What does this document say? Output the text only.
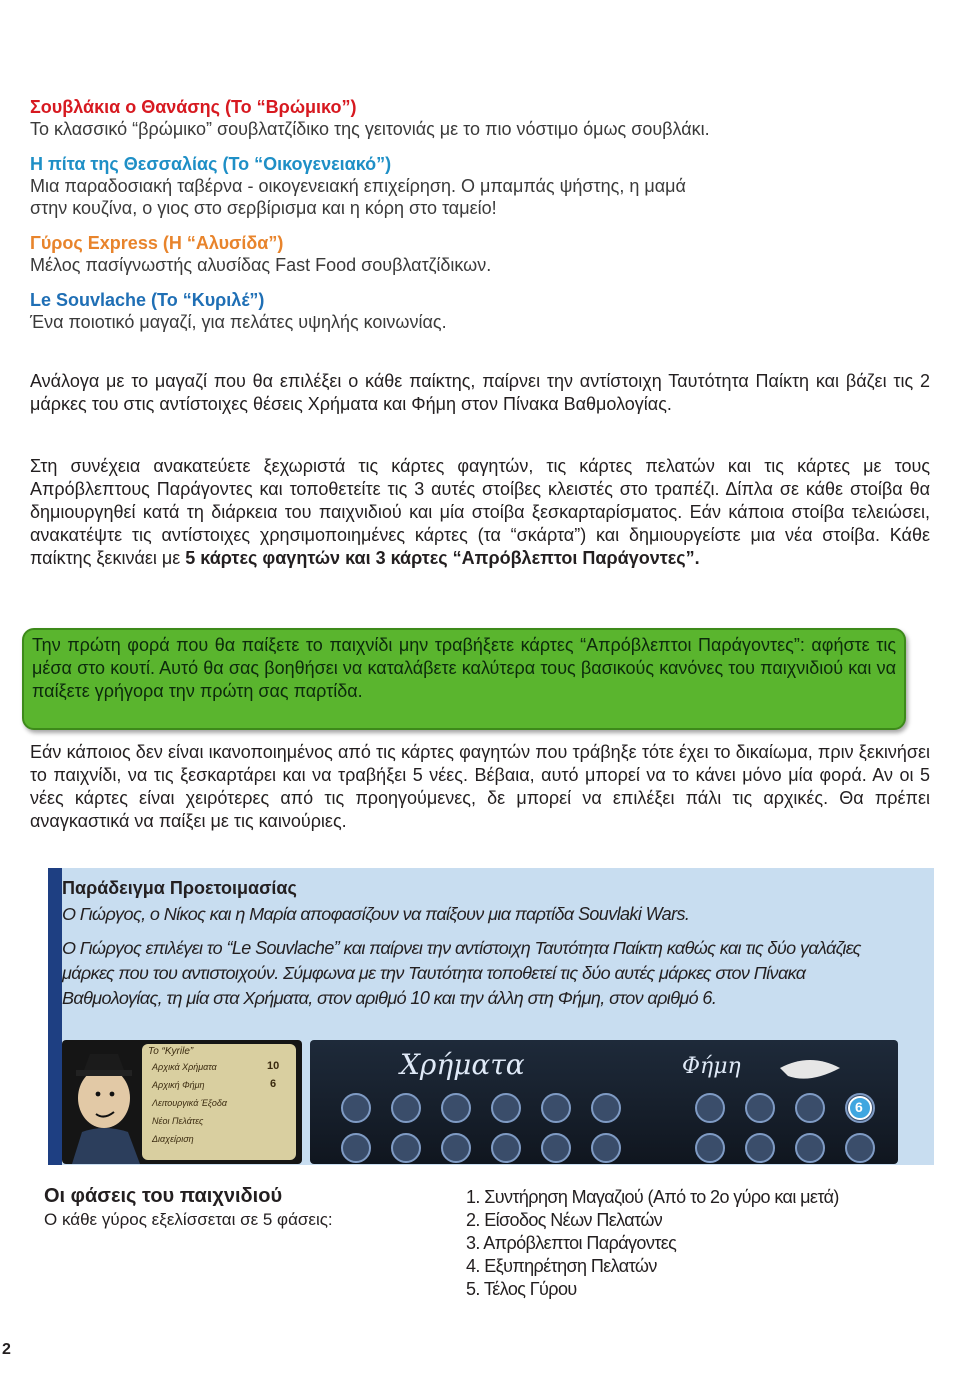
Σουβλάκια ο Θανάσης (Το “Βρώμικο”)
Το κλασσικό “βρώμικο” σουβλατζίδικο της γειτονιάς με το πιο νόστιμο όμως σουβλάκι.
Η πίτα της Θεσσαλίας (Το “Οικογενειακό”)
Μια παραδοσιακή ταβέρνα - οικογενειακή επιχείρηση. Ο μπαμπάς ψήστης, η μαμά
στην κουζίνα, ο γιος στο σερβίρισμα και η κόρη στο ταμείο!
Γύρος Express (Η “Αλυσίδα”)
Μέλος πασίγνωστής αλυσίδας Fast Food σουβλατζίδικων.
Le Souvlache (Το “Κυριλέ”)
Ένα ποιοτικό μαγαζί, για πελάτες υψηλής κοινωνίας.
Ανάλογα με το μαγαζί που θα επιλέξει ο κάθε παίκτης, παίρνει την αντίστοιχη Ταυτότητα Παίκτη και βάζει τις 2 μάρκες του στις αντίστοιχες θέσεις Χρήματα και Φήμη στον Πίνακα Βαθμολογίας.
Στη συνέχεια ανακατεύετε ξεχωριστά τις κάρτες φαγητών, τις κάρτες πελατών και τις κάρτες με τους Απρόβλεπτους Παράγοντες και τοποθετείτε τις 3 αυτές στοίβες κλειστές στο τραπέζι. Δίπλα σε κάθε στοίβα θα δημιουργηθεί κατά τη διάρκεια του παιχνιδιού και μία στοίβα ξεσκαρταρίσματος. Εάν κάποια στοίβα τελειώσει, ανακατέψτε τις αντίστοιχες χρησιμοποιημένες κάρτες (τα “σκάρτα”) και δημιουργείστε μια νέα στοίβα. Κάθε παίκτης ξεκινάει με 5 κάρτες φαγητών και 3 κάρτες “Απρόβλεπτοι Παράγοντες”.
Την πρώτη φορά που θα παίξετε το παιχνίδι μην τραβήξετε κάρτες “Απρόβλεπτοι Παράγοντες”: αφήστε τις μέσα στο κουτί. Αυτό θα σας βοηθήσει να καταλάβετε καλύτερα τους βασικούς κανόνες του παιχνιδιού και να παίξετε γρήγορα την πρώτη σας παρτίδα.
Εάν κάποιος δεν είναι ικανοποιημένος από τις κάρτες φαγητών που τράβηξε τότε έχει το δικαίωμα, πριν ξεκινήσει το παιχνίδι, να τις ξεσκαρτάρει και να τραβήξει 5 νέες. Βέβαια, αυτό μπορεί να το κάνει μόνο μία φορά. Αν οι 5 νέες κάρτες είναι χειρότερες από τις προηγούμενες, δε μπορεί να επιλέξει πάλι τις αρχικές. Θα πρέπει αναγκαστικά να παίξει με τις καινούριες.
Παράδειγμα Προετοιμασίας
Ο Γιώργος, ο Νίκος και η Μαρία αποφασίζουν να παίξουν μια παρτίδα Souvlaki Wars.
Ο Γιώργος επιλέγει το “Le Souvlache” και παίρνει την αντίστοιχη Ταυτότητα Παίκτη καθώς και τις δύο γαλάζιες μάρκες που του αντιστοιχούν. Σύμφωνα με την Ταυτότητα τοποθετεί τις δύο αυτές μάρκες στον Πίνακα Βαθμολογίας, τη μία στα Χρήματα, στον αριθμό 10 και την άλλη στη Φήμη, στον αριθμό 6.
Το “Kyrile”
Αρχικά Χρήματα	10
Αρχική Φήμη	6
Λειτουργικά Έξοδα
Νέοι Πελάτες
Διαχείριση
Χρήματα	Φήμη
6
Οι φάσεις του παιχνιδιού
Ο κάθε γύρος εξελίσσεται σε 5 φάσεις:
1. Συντήρηση Μαγαζιού (Από το 2ο γύρο και μετά)
2. Είσοδος Νέων Πελατών
3. Απρόβλεπτοι Παράγοντες
4. Εξυπηρέτηση Πελατών
5. Τέλος Γύρου
2
